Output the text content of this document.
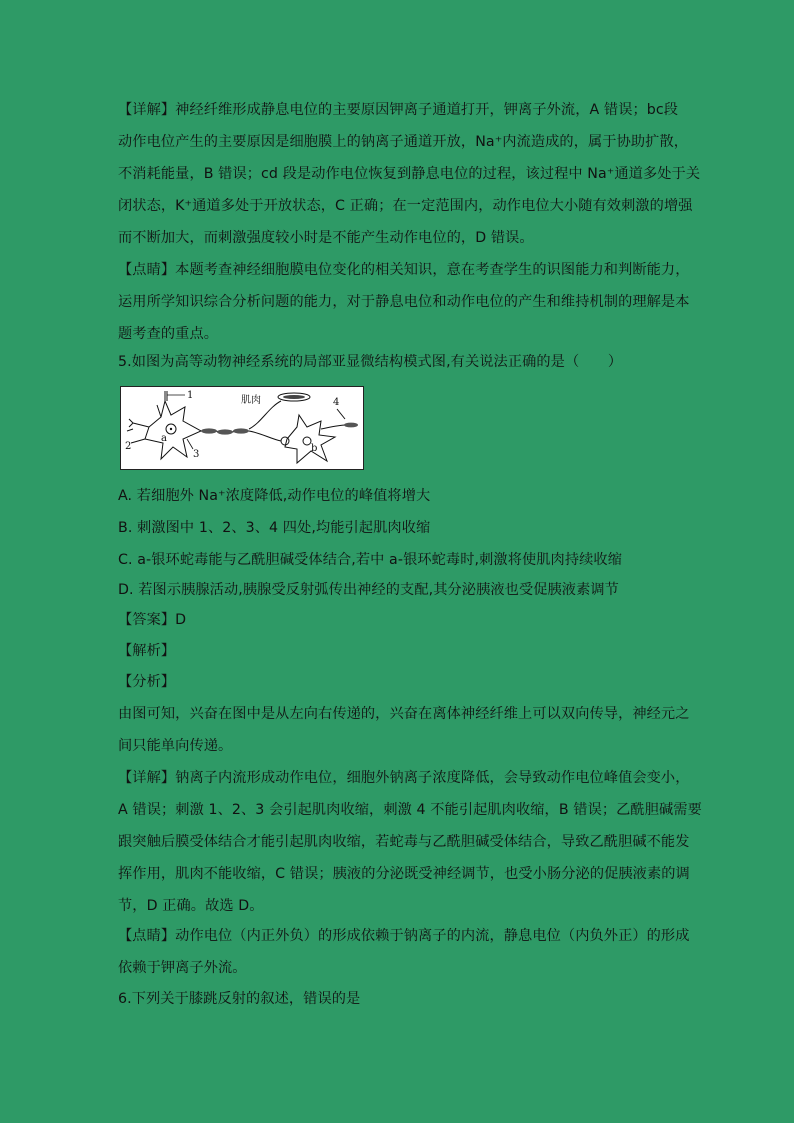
【详解】神经纤维形成静息电位的主要原因钾离子通道打开，钾离子外流，A 错误；bc段
动作电位产生的主要原因是细胞膜上的钠离子通道开放，Na⁺内流造成的，属于协助扩散，
不消耗能量，B 错误；cd 段是动作电位恢复到静息电位的过程，该过程中 Na⁺通道多处于关
闭状态，K⁺通道多处于开放状态，C 正确；在一定范围内，动作电位大小随有效刺激的增强
而不断加大，而刺激强度较小时是不能产生动作电位的，D 错误。
【点睛】本题考查神经细胞膜电位变化的相关知识，意在考查学生的识图能力和判断能力，
运用所学知识综合分析问题的能力，对于静息电位和动作电位的产生和维持机制的理解是本
题考查的重点。
5.如图为高等动物神经系统的局部亚显微结构模式图,有关说法正确的是（　　）
1
2
3
4
a
b
肌肉
A. 若细胞外 Na⁺浓度降低,动作电位的峰值将增大
B. 刺激图中 1、2、3、4 四处,均能引起肌肉收缩
C. a-银环蛇毒能与乙酰胆碱受体结合,若中 a-银环蛇毒时,刺激将使肌肉持续收缩
D. 若图示胰腺活动,胰腺受反射弧传出神经的支配,其分泌胰液也受促胰液素调节
【答案】D
【解析】
【分析】
由图可知，兴奋在图中是从左向右传递的，兴奋在离体神经纤维上可以双向传导，神经元之
间只能单向传递。
【详解】钠离子内流形成动作电位，细胞外钠离子浓度降低，会导致动作电位峰值会变小，
A 错误；刺激 1、2、3 会引起肌肉收缩，刺激 4 不能引起肌肉收缩，B 错误；乙酰胆碱需要
跟突触后膜受体结合才能引起肌肉收缩，若蛇毒与乙酰胆碱受体结合，导致乙酰胆碱不能发
挥作用，肌肉不能收缩，C 错误；胰液的分泌既受神经调节，也受小肠分泌的促胰液素的调
节，D 正确。故选 D。
【点睛】动作电位（内正外负）的形成依赖于钠离子的内流，静息电位（内负外正）的形成
依赖于钾离子外流。
6.下列关于膝跳反射的叙述，错误的是
